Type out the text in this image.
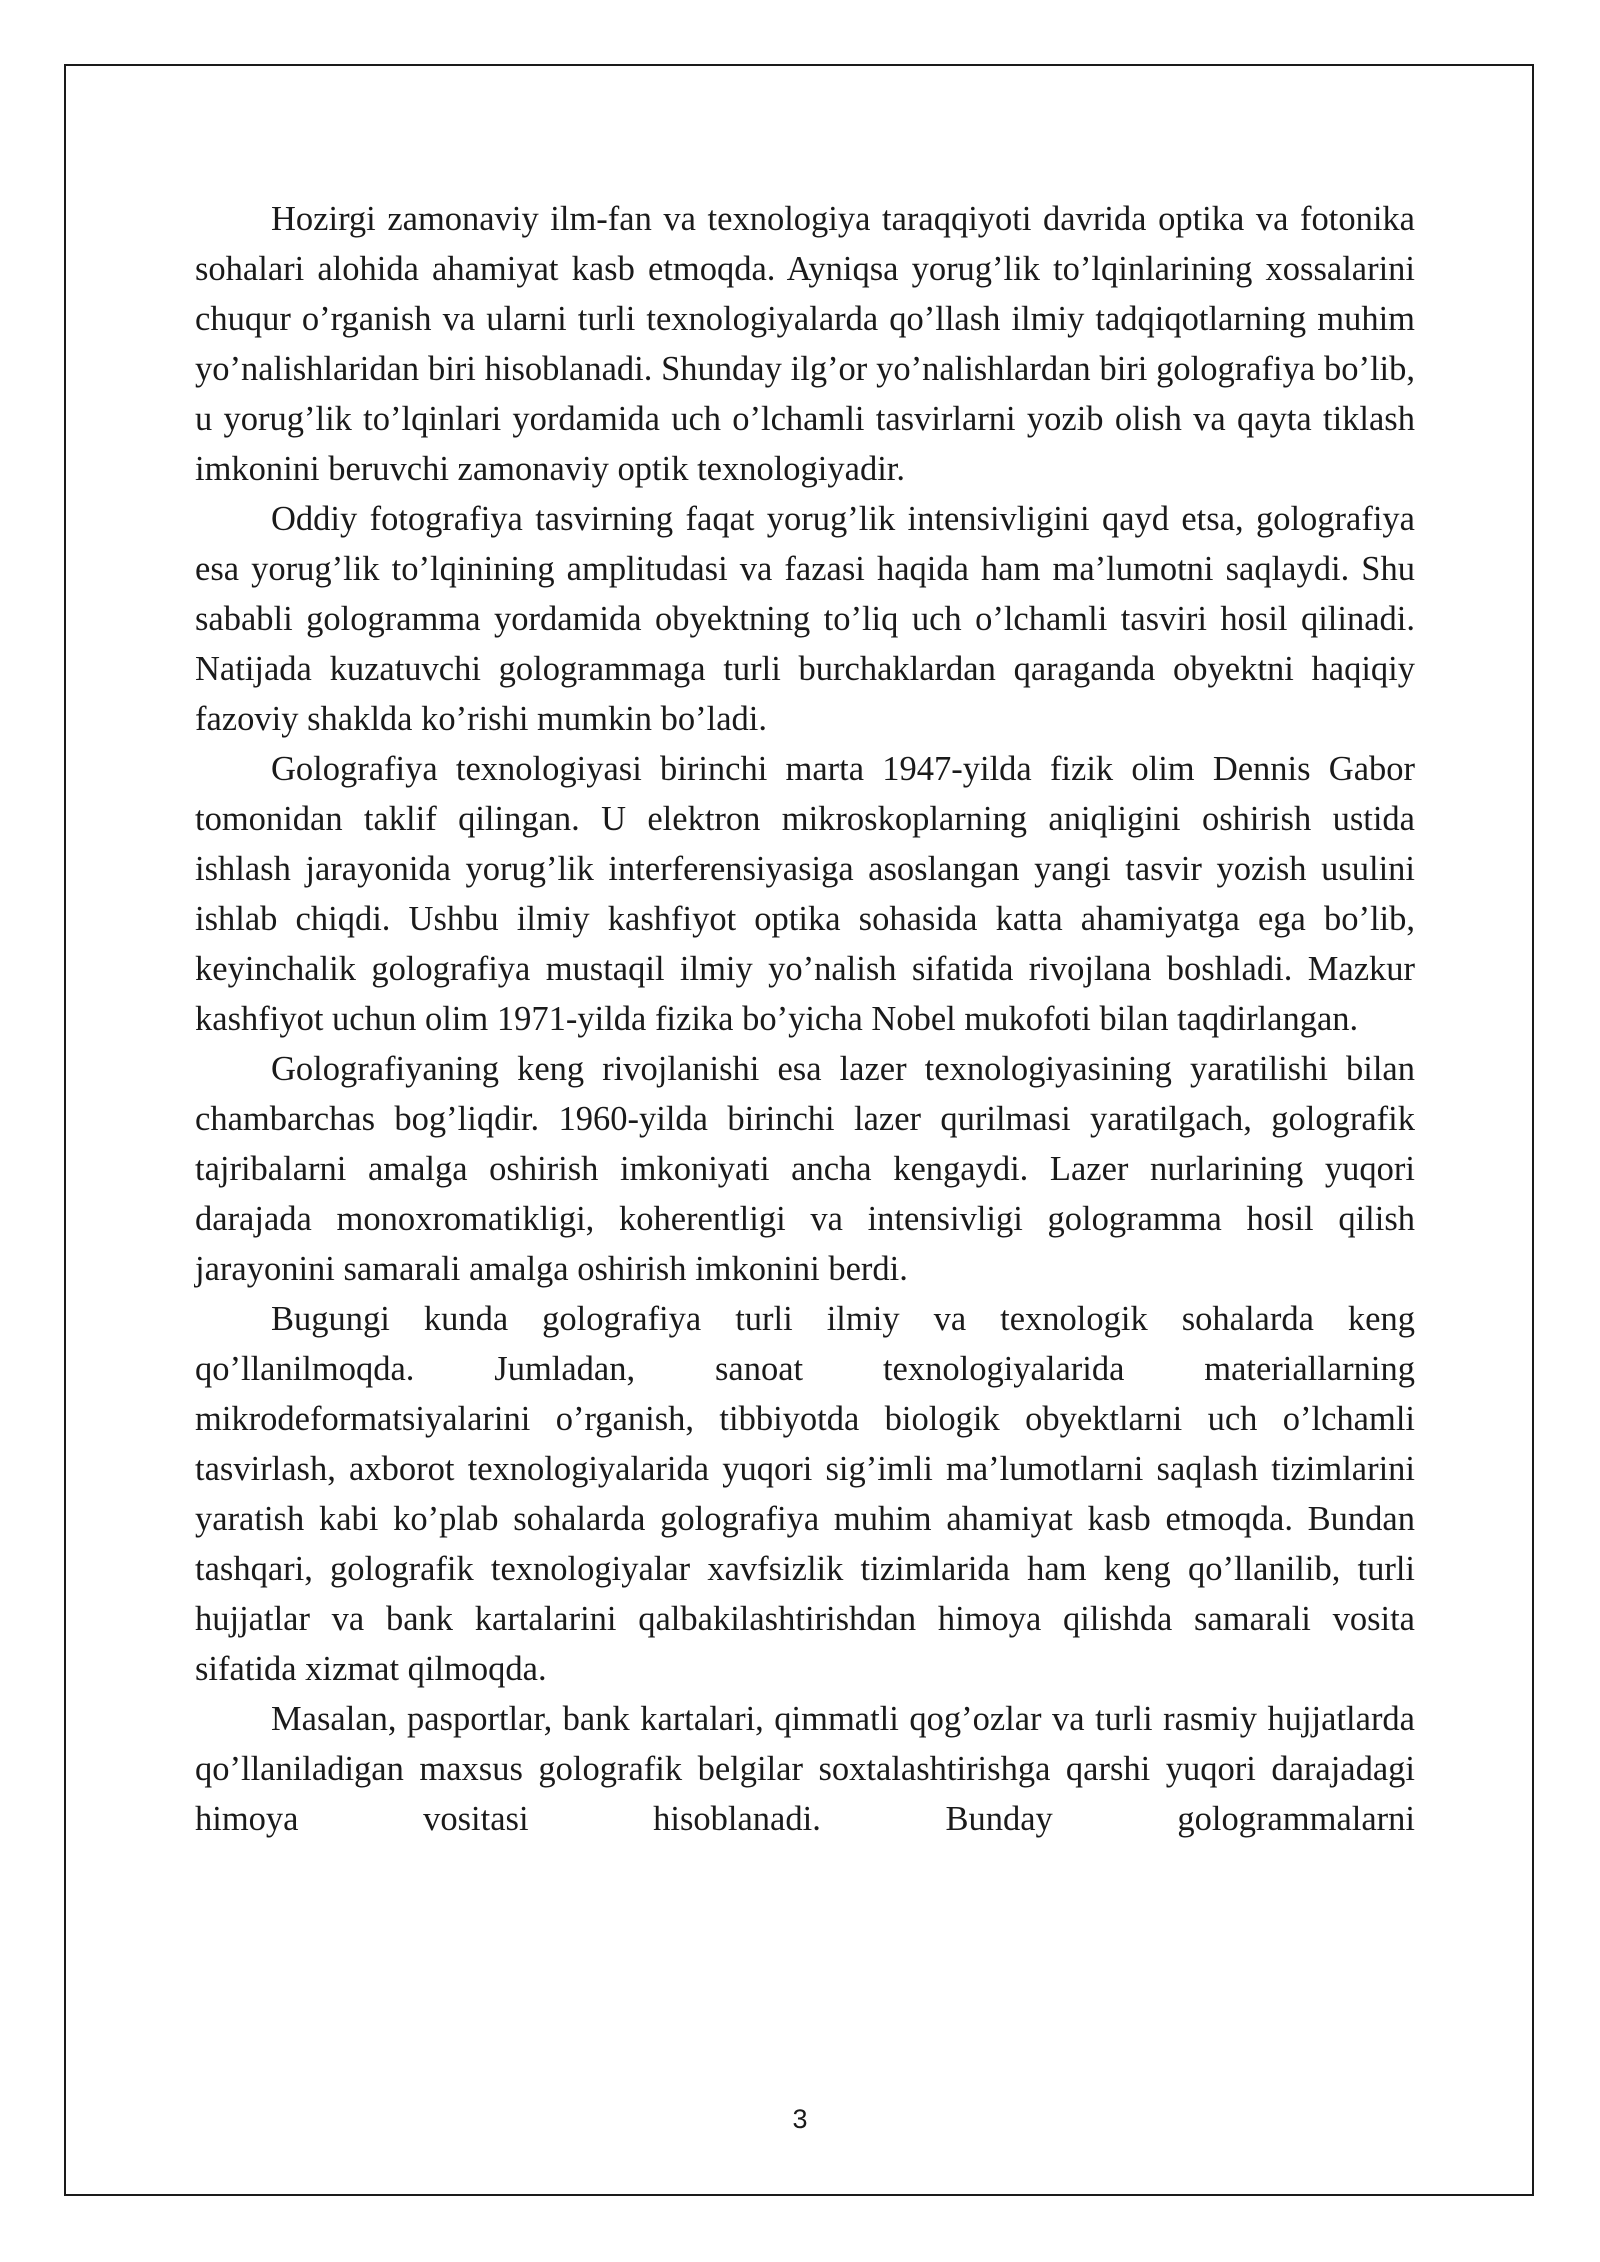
Hozirgi zamonaviy ilm-fan va texnologiya taraqqiyoti davrida optika va fotonika sohalari alohida ahamiyat kasb etmoqda. Ayniqsa yorug’lik to’lqinlarining xossalarini chuqur o’rganish va ularni turli texnologiyalarda qo’llash ilmiy tadqiqotlarning muhim yo’nalishlaridan biri hisoblanadi. Shunday ilg’or yo’nalishlardan biri golografiya bo’lib, u yorug’lik to’lqinlari yordamida uch o’lchamli tasvirlarni yozib olish va qayta tiklash imkonini beruvchi zamonaviy optik texnologiyadir.

Oddiy fotografiya tasvirning faqat yorug’lik intensivligini qayd etsa, golografiya esa yorug’lik to’lqinining amplitudasi va fazasi haqida ham ma’lumotni saqlaydi. Shu sababli gologramma yordamida obyektning to’liq uch o’lchamli tasviri hosil qilinadi. Natijada kuzatuvchi gologrammaga turli burchaklardan qaraganda obyektni haqiqiy fazoviy shaklda ko’rishi mumkin bo’ladi.

Golografiya texnologiyasi birinchi marta 1947-yilda fizik olim Dennis Gabor tomonidan taklif qilingan. U elektron mikroskoplarning aniqligini oshirish ustida ishlash jarayonida yorug’lik interferensiyasiga asoslangan yangi tasvir yozish usulini ishlab chiqdi. Ushbu ilmiy kashfiyot optika sohasida katta ahamiyatga ega bo’lib, keyinchalik golografiya mustaqil ilmiy yo’nalish sifatida rivojlana boshladi. Mazkur kashfiyot uchun olim 1971-yilda fizika bo’yicha Nobel mukofoti bilan taqdirlangan.

Golografiyaning keng rivojlanishi esa lazer texnologiyasining yaratilishi bilan chambarchas bog’liqdir. 1960-yilda birinchi lazer qurilmasi yaratilgach, golografik tajribalarni amalga oshirish imkoniyati ancha kengaydi. Lazer nurlarining yuqori darajada monoxromatikligi, koherentligi va intensivligi gologramma hosil qilish jarayonini samarali amalga oshirish imkonini berdi.

Bugungi kunda golografiya turli ilmiy va texnologik sohalarda keng qo’llanilmoqda. Jumladan, sanoat texnologiyalarida materiallarning mikrodeformatsiyalarini o’rganish, tibbiyotda biologik obyektlarni uch o’lchamli tasvirlash, axborot texnologiyalarida yuqori sig’imli ma’lumotlarni saqlash tizimlarini yaratish kabi ko’plab sohalarda golografiya muhim ahamiyat kasb etmoqda. Bundan tashqari, golografik texnologiyalar xavfsizlik tizimlarida ham keng qo’llanilib, turli hujjatlar va bank kartalarini qalbakilashtirishdan himoya qilishda samarali vosita sifatida xizmat qilmoqda.

Masalan, pasportlar, bank kartalari, qimmatli qog’ozlar va turli rasmiy hujjatlarda qo’llaniladigan maxsus golografik belgilar soxtalashtirishga qarshi yuqori darajadagi himoya vositasi hisoblanadi. Bunday gologrammalarni

3
